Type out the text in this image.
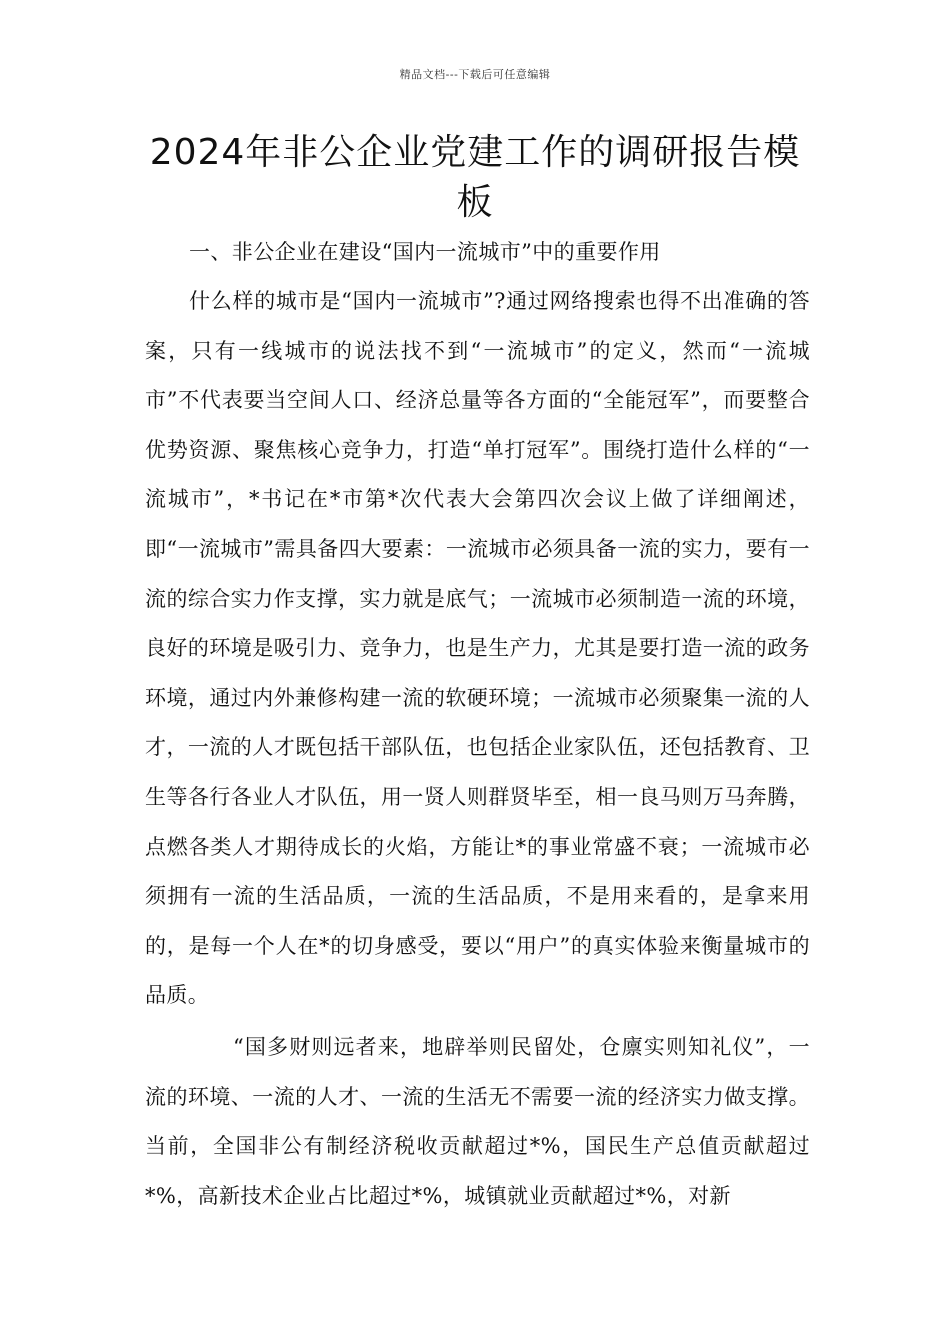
精品文档---下载后可任意编辑
2024年非公企业党建工作的调研报告模板

一、非公企业在建设“国内一流城市”中的重要作用

什么样的城市是“国内一流城市”?通过网络搜索也得不出准确的答案，只有一线城市的说法找不到“一流城市”的定义，然而“一流城市”不代表要当空间人口、经济总量等各方面的“全能冠军”，而要整合优势资源、聚焦核心竞争力，打造“单打冠军”。围绕打造什么样的“一流城市”，*书记在*市第*次代表大会第四次会议上做了详细阐述，即“一流城市”需具备四大要素：一流城市必须具备一流的实力，要有一流的综合实力作支撑，实力就是底气；一流城市必须制造一流的环境，良好的环境是吸引力、竞争力，也是生产力，尤其是要打造一流的政务环境，通过内外兼修构建一流的软硬环境；一流城市必须聚集一流的人才，一流的人才既包括干部队伍，也包括企业家队伍，还包括教育、卫生等各行各业人才队伍，用一贤人则群贤毕至，相一良马则万马奔腾，点燃各类人才期待成长的火焰，方能让*的事业常盛不衰；一流城市必须拥有一流的生活品质，一流的生活品质，不是用来看的，是拿来用的，是每一个人在*的切身感受，要以“用户”的真实体验来衡量城市的品质。

“国多财则远者来，地辟举则民留处，仓廪实则知礼仪”，一流的环境、一流的人才、一流的生活无不需要一流的经济实力做支撑。当前，全国非公有制经济税收贡献超过*%，国民生产总值贡献超过*%，高新技术企业占比超过*%，城镇就业贡献超过*%，对新
